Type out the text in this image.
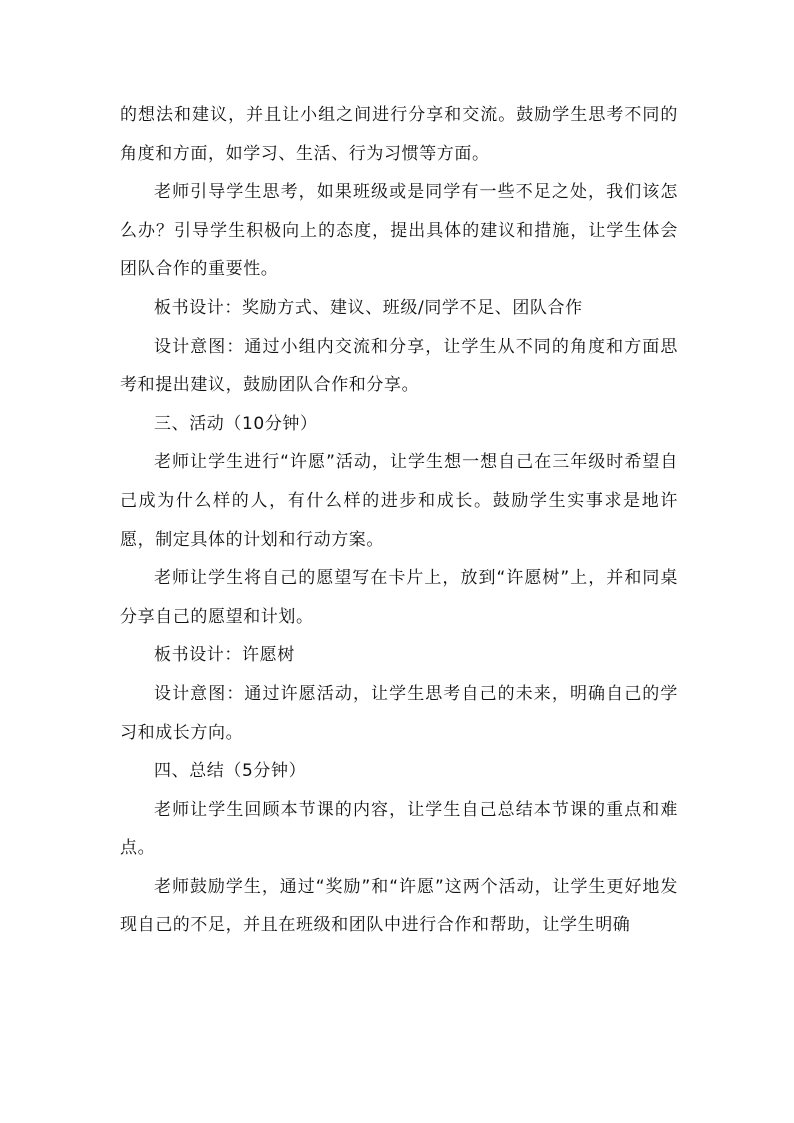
的想法和建议，并且让小组之间进行分享和交流。鼓励学生思考不同的角度和方面，如学习、生活、行为习惯等方面。

老师引导学生思考，如果班级或是同学有一些不足之处，我们该怎么办？引导学生积极向上的态度，提出具体的建议和措施，让学生体会团队合作的重要性。

板书设计：奖励方式、建议、班级/同学不足、团队合作

设计意图：通过小组内交流和分享，让学生从不同的角度和方面思考和提出建议，鼓励团队合作和分享。

三、活动（10分钟）

老师让学生进行“许愿”活动，让学生想一想自己在三年级时希望自己成为什么样的人，有什么样的进步和成长。鼓励学生实事求是地许愿，制定具体的计划和行动方案。

老师让学生将自己的愿望写在卡片上，放到“许愿树”上，并和同桌分享自己的愿望和计划。

板书设计：许愿树

设计意图：通过许愿活动，让学生思考自己的未来，明确自己的学习和成长方向。

四、总结（5分钟）

老师让学生回顾本节课的内容，让学生自己总结本节课的重点和难点。

老师鼓励学生，通过“奖励”和“许愿”这两个活动，让学生更好地发现自己的不足，并且在班级和团队中进行合作和帮助，让学生明确
